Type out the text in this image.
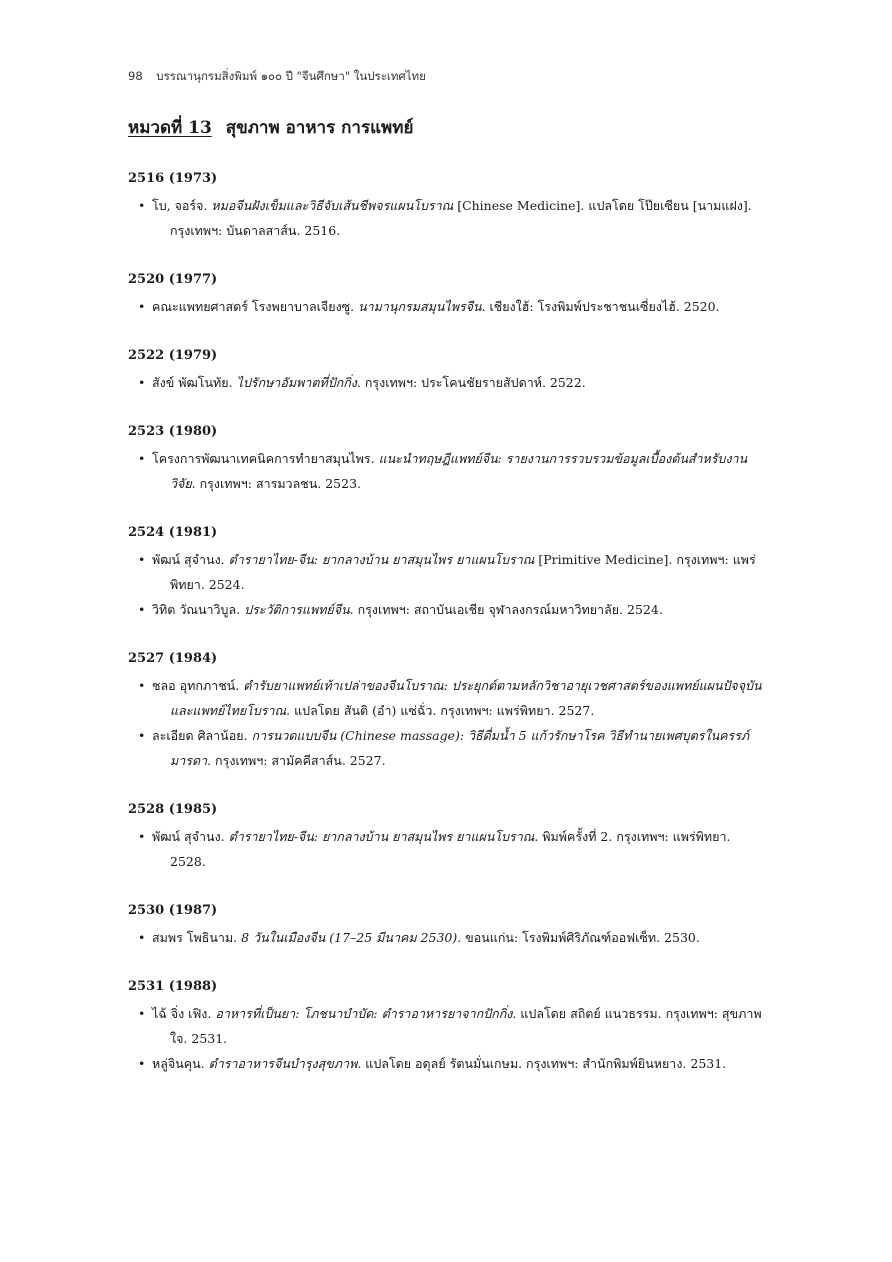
98 บรรณานุกรมสิ่งพิมพ์ ๑๐๐ ปี "จีนศึกษา" ในประเทศไทย
หมวดที่ 13 สุขภาพ อาหาร การแพทย์
2516 (1973)

• โบ, จอร์จ. หมอจีนฝังเข็มและวิธีจับเส้นชีพจรแผนโบราณ [Chinese Medicine]. แปลโดย โป๊ยเซียน [นามแฝง]. กรุงเทพฯ: บันดาลสาส์น. 2516.

2520 (1977)

• คณะแพทยศาสตร์ โรงพยาบาลเจียงซู. นามานุกรมสมุนไพรจีน. เชียงใฮ้: โรงพิมพ์ประชาชนเซี่ยงไฮ้. 2520.

2522 (1979)

• สังข์ พัฒโนทัย. ไปรักษาอัมพาตที่ปักกิ่ง. กรุงเทพฯ: ประโคนชัยรายสัปดาห์. 2522.

2523 (1980)

• โครงการพัฒนาเทคนิคการทำยาสมุนไพร. แนะนำทฤษฎีแพทย์จีน: รายงานการรวบรวมข้อมูลเบื้องต้นสำหรับงานวิจัย. กรุงเทพฯ: สารมวลชน. 2523.

2524 (1981)

• พัฒน์ สุจำนง. ตำรายาไทย-จีน: ยากลางบ้าน ยาสมุนไพร ยาแผนโบราณ [Primitive Medicine]. กรุงเทพฯ: แพร่พิทยา. 2524.

• วิทิต วัณนาวิบูล. ประวัติการแพทย์จีน. กรุงเทพฯ: สถาบันเอเชีย จุฬาลงกรณ์มหาวิทยาลัย. 2524.

2527 (1984)

• ชลอ อุทกภาชน์. ตำรับยาแพทย์เท้าเปล่าของจีนโบราณ: ประยุกต์ตามหลักวิชาอายุเวชศาสตร์ของแพทย์แผนปัจจุบันและแพทย์ไทยโบราณ. แปลโดย สันติ (อำ) แซ่ฉั่ว. กรุงเทพฯ: แพร่พิทยา. 2527.

• ละเอียด ศิลาน้อย. การนวดแบบจีน (Chinese massage): วิธีดื่มน้ำ 5 แก้วรักษาโรค วิธีทำนายเพศบุตรในครรภ์มารดา. กรุงเทพฯ: สามัคคีสาส์น. 2527.

2528 (1985)

• พัฒน์ สุจำนง. ตำรายาไทย-จีน: ยากลางบ้าน ยาสมุนไพร ยาแผนโบราณ. พิมพ์ครั้งที่ 2. กรุงเทพฯ: แพร่พิทยา. 2528.

2530 (1987)

• สมพร โพธินาม. 8 วันในเมืองจีน (17–25 มีนาคม 2530). ขอนแก่น: โรงพิมพ์ศิริภัณฑ์ออฟเซ็ท. 2530.

2531 (1988)

• ไฉ้ จิ่ง เฟิง. อาหารที่เป็นยา: โภชนาบำบัด: ตำราอาหารยาจากปักกิ่ง. แปลโดย สถิตย์ แนวธรรม. กรุงเทพฯ: สุขภาพใจ. 2531.

• หลู่จินคุน. ตำราอาหารจีนบำรุงสุขภาพ. แปลโดย อดุลย์ รัตนมั่นเกษม. กรุงเทพฯ: สำนักพิมพ์ยินหยาง. 2531.
